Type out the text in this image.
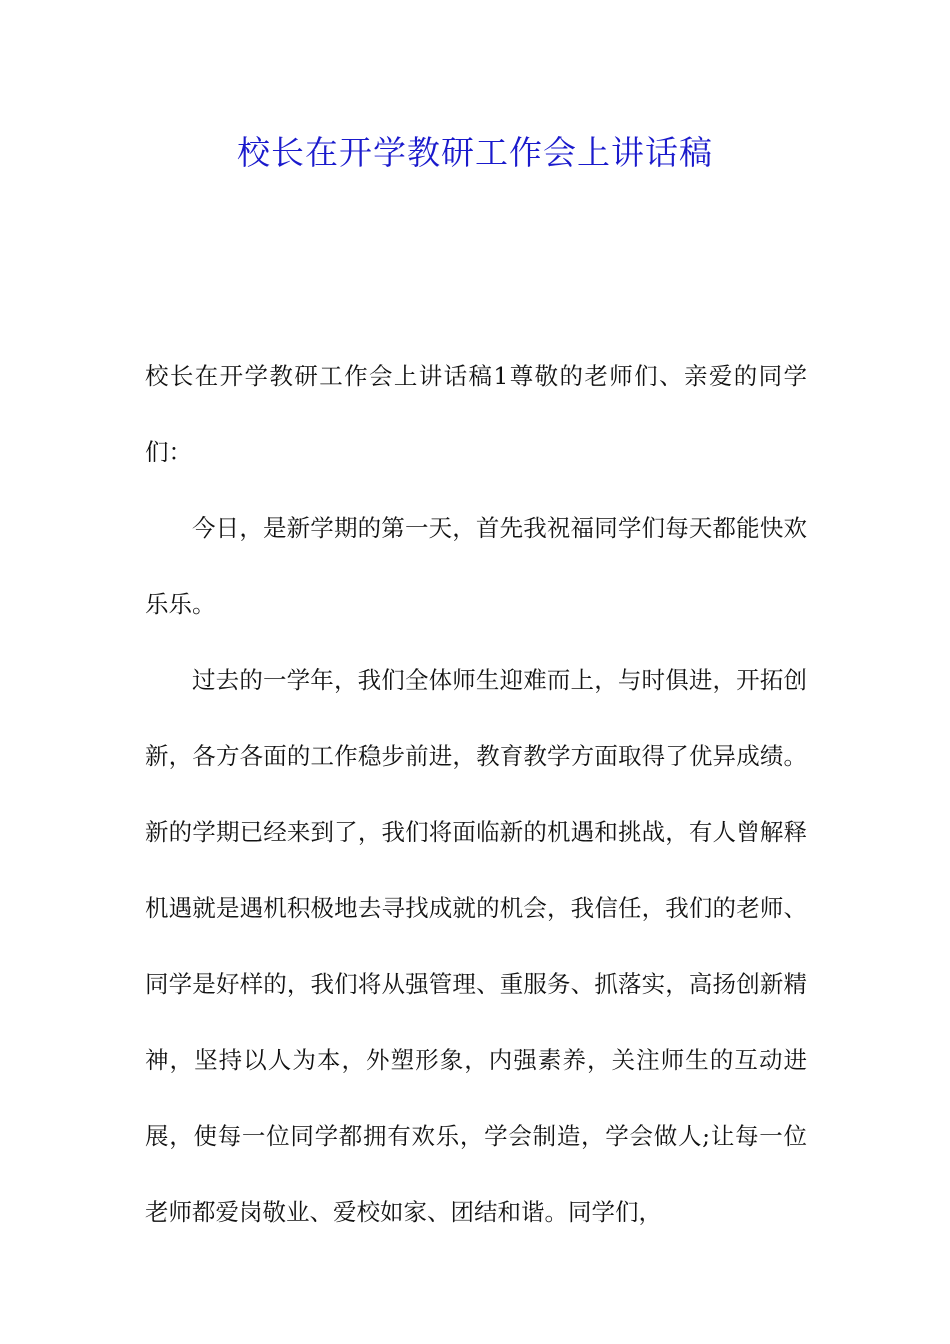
校长在开学教研工作会上讲话稿

校长在开学教研工作会上讲话稿1尊敬的老师们、亲爱的同学们：

今日，是新学期的第一天，首先我祝福同学们每天都能快欢乐乐。

过去的一学年，我们全体师生迎难而上，与时俱进，开拓创新，各方各面的工作稳步前进，教育教学方面取得了优异成绩。新的学期已经来到了，我们将面临新的机遇和挑战，有人曾解释机遇就是遇机积极地去寻找成就的机会，我信任，我们的老师、同学是好样的，我们将从强管理、重服务、抓落实，高扬创新精神，坚持以人为本，外塑形象，内强素养，关注师生的互动进展，使每一位同学都拥有欢乐，学会制造，学会做人;让每一位老师都爱岗敬业、爱校如家、团结和谐。同学们，
